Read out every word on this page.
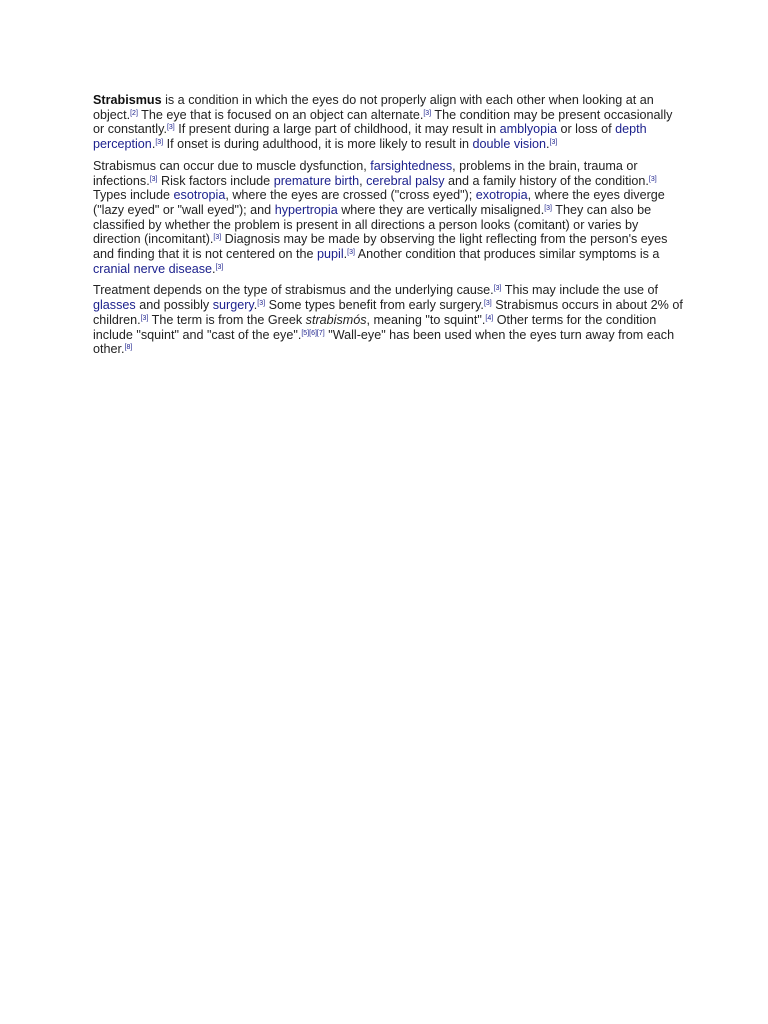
Strabismus is a condition in which the eyes do not properly align with each other when looking at an object.[2] The eye that is focused on an object can alternate.[3] The condition may be present occasionally or constantly.[3] If present during a large part of childhood, it may result in amblyopia or loss of depth perception.[3] If onset is during adulthood, it is more likely to result in double vision.[3]

Strabismus can occur due to muscle dysfunction, farsightedness, problems in the brain, trauma or infections.[3] Risk factors include premature birth, cerebral palsy and a family history of the condition.[3] Types include esotropia, where the eyes are crossed ("cross eyed"); exotropia, where the eyes diverge ("lazy eyed" or "wall eyed"); and hypertropia where they are vertically misaligned.[3] They can also be classified by whether the problem is present in all directions a person looks (comitant) or varies by direction (incomitant).[3] Diagnosis may be made by observing the light reflecting from the person's eyes and finding that it is not centered on the pupil.[3] Another condition that produces similar symptoms is a cranial nerve disease.[3]

Treatment depends on the type of strabismus and the underlying cause.[3] This may include the use of glasses and possibly surgery.[3] Some types benefit from early surgery.[3] Strabismus occurs in about 2% of children.[3] The term is from the Greek strabismós, meaning "to squint".[4] Other terms for the condition include "squint" and "cast of the eye".[5][6][7] "Wall-eye" has been used when the eyes turn away from each other.[8]
